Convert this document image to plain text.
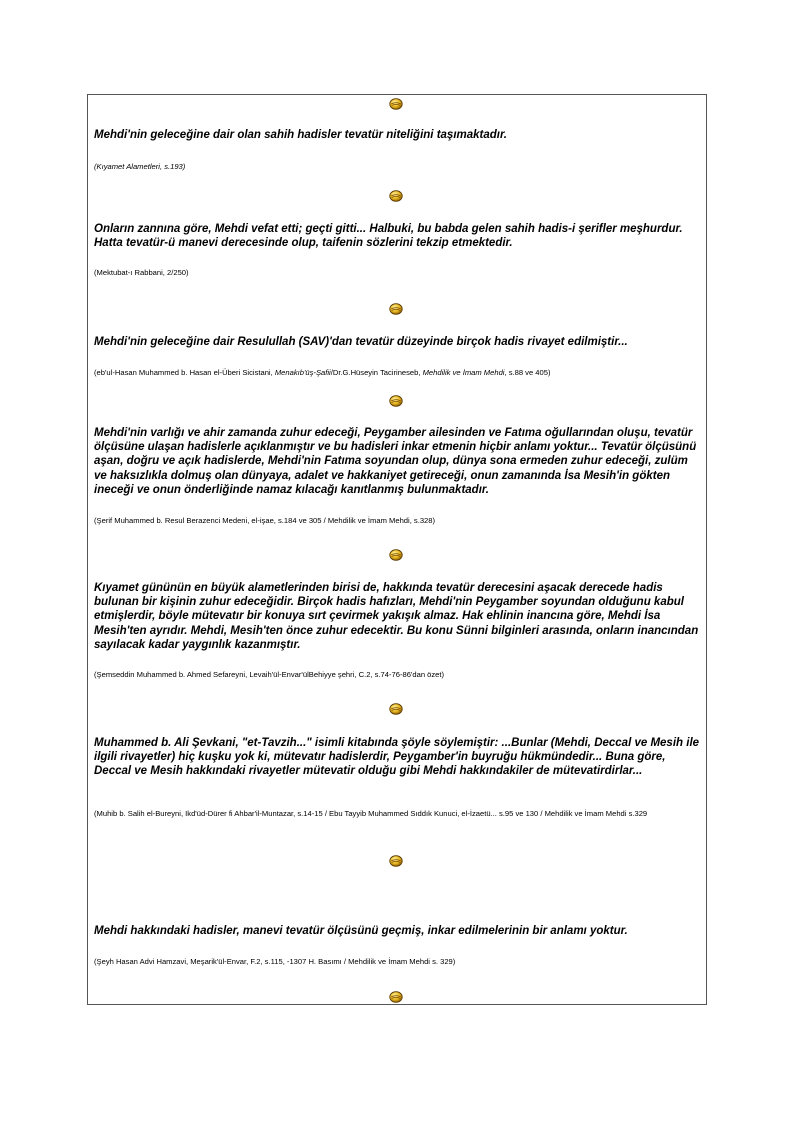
Mehdi'nin geleceğine dair olan sahih hadisler tevatür niteliğini taşımaktadır.

(Kıyamet Alametleri, s.193)

Onların zannına göre, Mehdi vefat etti; geçti gitti... Halbuki, bu babda gelen sahih hadis-i şerifler meşhurdur. Hatta tevatür-ü manevi derecesinde olup, taifenin sözlerini tekzip etmektedir.

(Mektubat-ı Rabbani, 2/250)

Mehdi'nin geleceğine dair Resulullah (SAV)'dan tevatür düzeyinde birçok hadis rivayet edilmiştir...

(eb'ul-Hasan Muhammed b. Hasan el-Überi Sicistani, Menakıb'üş-Şafii/Dr.G.Hüseyin Tacirineseb, Mehdilik ve İmam Mehdi, s.88 ve 405)

Mehdi'nin varlığı ve ahir zamanda zuhur edeceği, Peygamber ailesinden ve Fatıma oğullarından oluşu, tevatür ölçüsüne ulaşan hadislerle açıklanmıştır ve bu hadisleri inkar etmenin hiçbir anlamı yoktur... Tevatür ölçüsünü aşan, doğru ve açık hadislerde, Mehdi'nin Fatıma soyundan olup, dünya sona ermeden zuhur edeceği, zulüm ve haksızlıkla dolmuş olan dünyaya, adalet ve hakkaniyet getireceği, onun zamanında İsa Mesih'in gökten ineceği ve onun önderliğinde namaz kılacağı kanıtlanmış bulunmaktadır.

(Şerif Muhammed b. Resul Berazenci Medeni, el-işae, s.184 ve 305 / Mehdilik ve İmam Mehdi, s.328)

Kıyamet gününün en büyük alametlerinden birisi de, hakkında tevatür derecesini aşacak derecede hadis bulunan bir kişinin zuhur edeceğidir. Birçok hadis hafızları, Mehdi'nin Peygamber soyundan olduğunu kabul etmişlerdir, böyle mütevatır bir konuya sırt çevirmek yakışık almaz. Hak ehlinin inancına göre, Mehdi İsa Mesih'ten ayrıdır. Mehdi, Mesih'ten önce zuhur edecektir. Bu konu Sünni bilginleri arasında, onların inancından sayılacak kadar yaygınlık kazanmıştır.

(Şemseddin Muhammed b. Ahmed Sefareyni, Levaih'ül-Envar'ülBehiyye şehri, C.2, s.74-76-86'dan özet)

Muhammed b. Ali Şevkani, "et-Tavzih..." isimli kitabında şöyle söylemiştir: ...Bunlar (Mehdi, Deccal ve Mesih ile ilgili rivayetler) hiç kuşku yok ki, mütevatır hadislerdir, Peygamber'in buyruğu hükmündedir... Buna göre, Deccal ve Mesih hakkındaki rivayetler mütevatir olduğu gibi Mehdi hakkındakiler de mütevatirdirlar...

(Muhib b. Salih el-Bureyni, Ikd'üd-Dürer fi Ahbar'il-Muntazar, s.14-15 / Ebu Tayyib Muhammed Sıddık Kunuci, el-İzaetü... s.95 ve 130 / Mehdilik ve İmam Mehdi s.329

Mehdi hakkındaki hadisler, manevi tevatür ölçüsünü geçmiş, inkar edilmelerinin bir anlamı yoktur.

(Şeyh Hasan Advi Hamzavi, Meşarik'ül-Envar, F.2, s.115, -1307 H. Basımı / Mehdilik ve İmam Mehdi s. 329)
